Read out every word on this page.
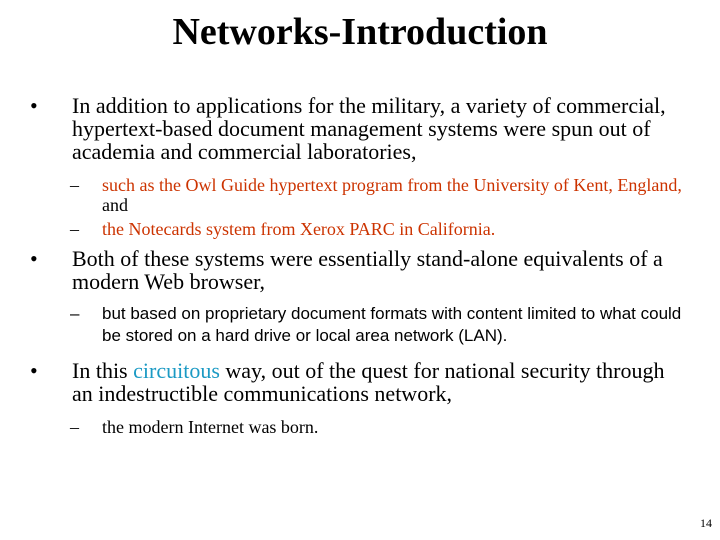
Networks-Introduction
• In addition to applications for the military, a variety of commercial, hypertext-based document management systems were spun out of academia and commercial laboratories,
– such as the Owl Guide hypertext program from the University of Kent, England, and
– the Notecards system from Xerox PARC in California.
• Both of these systems were essentially stand-alone equivalents of a modern Web browser,
– but based on proprietary document formats with content limited to what could be stored on a hard drive or local area network (LAN).
• In this circuitous way, out of the quest for national security through an indestructible communications network,
– the modern Internet was born.
14
